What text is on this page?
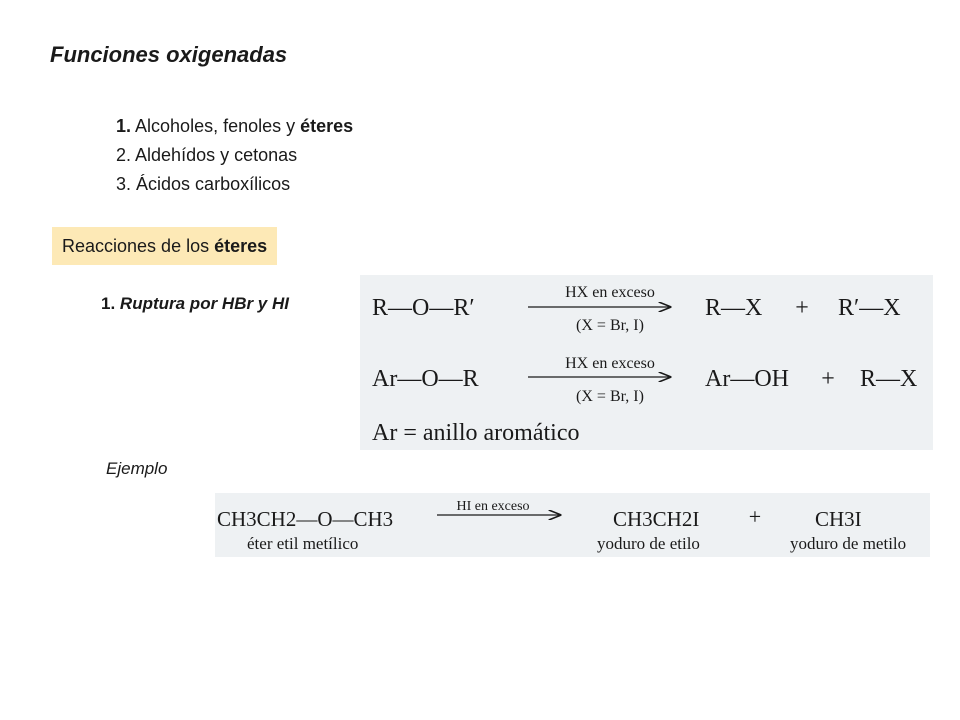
Funciones oxigenadas
1. Alcoholes, fenoles y éteres
2. Aldehídos y cetonas
3. Ácidos carboxílicos
Reacciones de los éteres
1. Ruptura por HBr y HI	R—O—R′
HX en exceso
(X = Br, I)
R—X + R′—X
Ar—O—R
HX en exceso
(X = Br, I)
Ar—OH + R—X
Ar = anillo aromático
Ejemplo
CH3CH2—O—CH3
éter etil metílico
HI en exceso
CH3CH2I
yoduro de etilo
+	CH3I
yoduro de metilo
